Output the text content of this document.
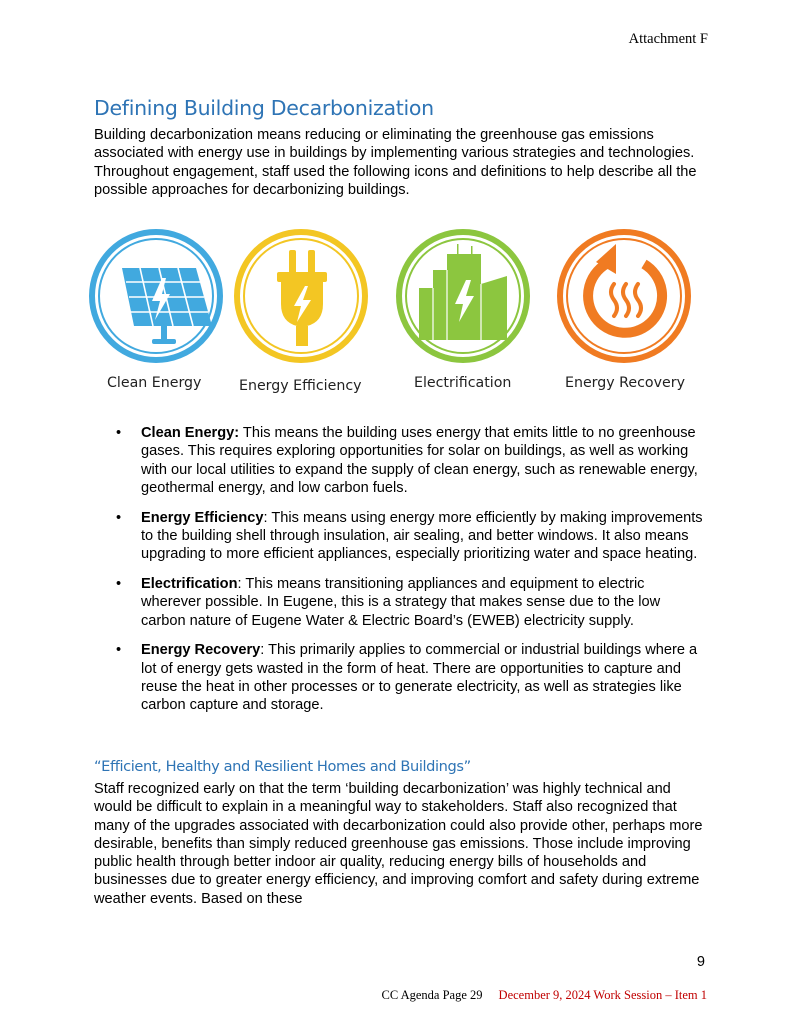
Attachment F
Defining Building Decarbonization

Building decarbonization means reducing or eliminating the greenhouse gas emissions associated with energy use in buildings by implementing various strategies and technologies. Throughout engagement, staff used the following icons and definitions to help describe all the possible approaches for decarbonizing buildings.

Clean Energy	Energy Efficiency	Electrification	Energy Recovery
• Clean Energy: This means the building uses energy that emits little to no greenhouse gases. This requires exploring opportunities for solar on buildings, as well as working with our local utilities to expand the supply of clean energy, such as renewable energy, geothermal energy, and low carbon fuels.
• Energy Efficiency: This means using energy more efficiently by making improvements to the building shell through insulation, air sealing, and better windows. It also means upgrading to more efficient appliances, especially prioritizing water and space heating.
• Electrification: This means transitioning appliances and equipment to electric wherever possible. In Eugene, this is a strategy that makes sense due to the low carbon nature of Eugene Water & Electric Board’s (EWEB) electricity supply.
• Energy Recovery: This primarily applies to commercial or industrial buildings where a lot of energy gets wasted in the form of heat. There are opportunities to capture and reuse the heat in other processes or to generate electricity, as well as strategies like carbon capture and storage.
“Efficient, Healthy and Resilient Homes and Buildings”

Staff recognized early on that the term ‘building decarbonization’ was highly technical and would be difficult to explain in a meaningful way to stakeholders. Staff also recognized that many of the upgrades associated with decarbonization could also provide other, perhaps more desirable, benefits than simply reduced greenhouse gas emissions. Those include improving public health through better indoor air quality, reducing energy bills of households and businesses due to greater energy efficiency, and improving comfort and safety during extreme weather events. Based on these

9
CC Agenda Page 29 December 9, 2024 Work Session – Item 1
